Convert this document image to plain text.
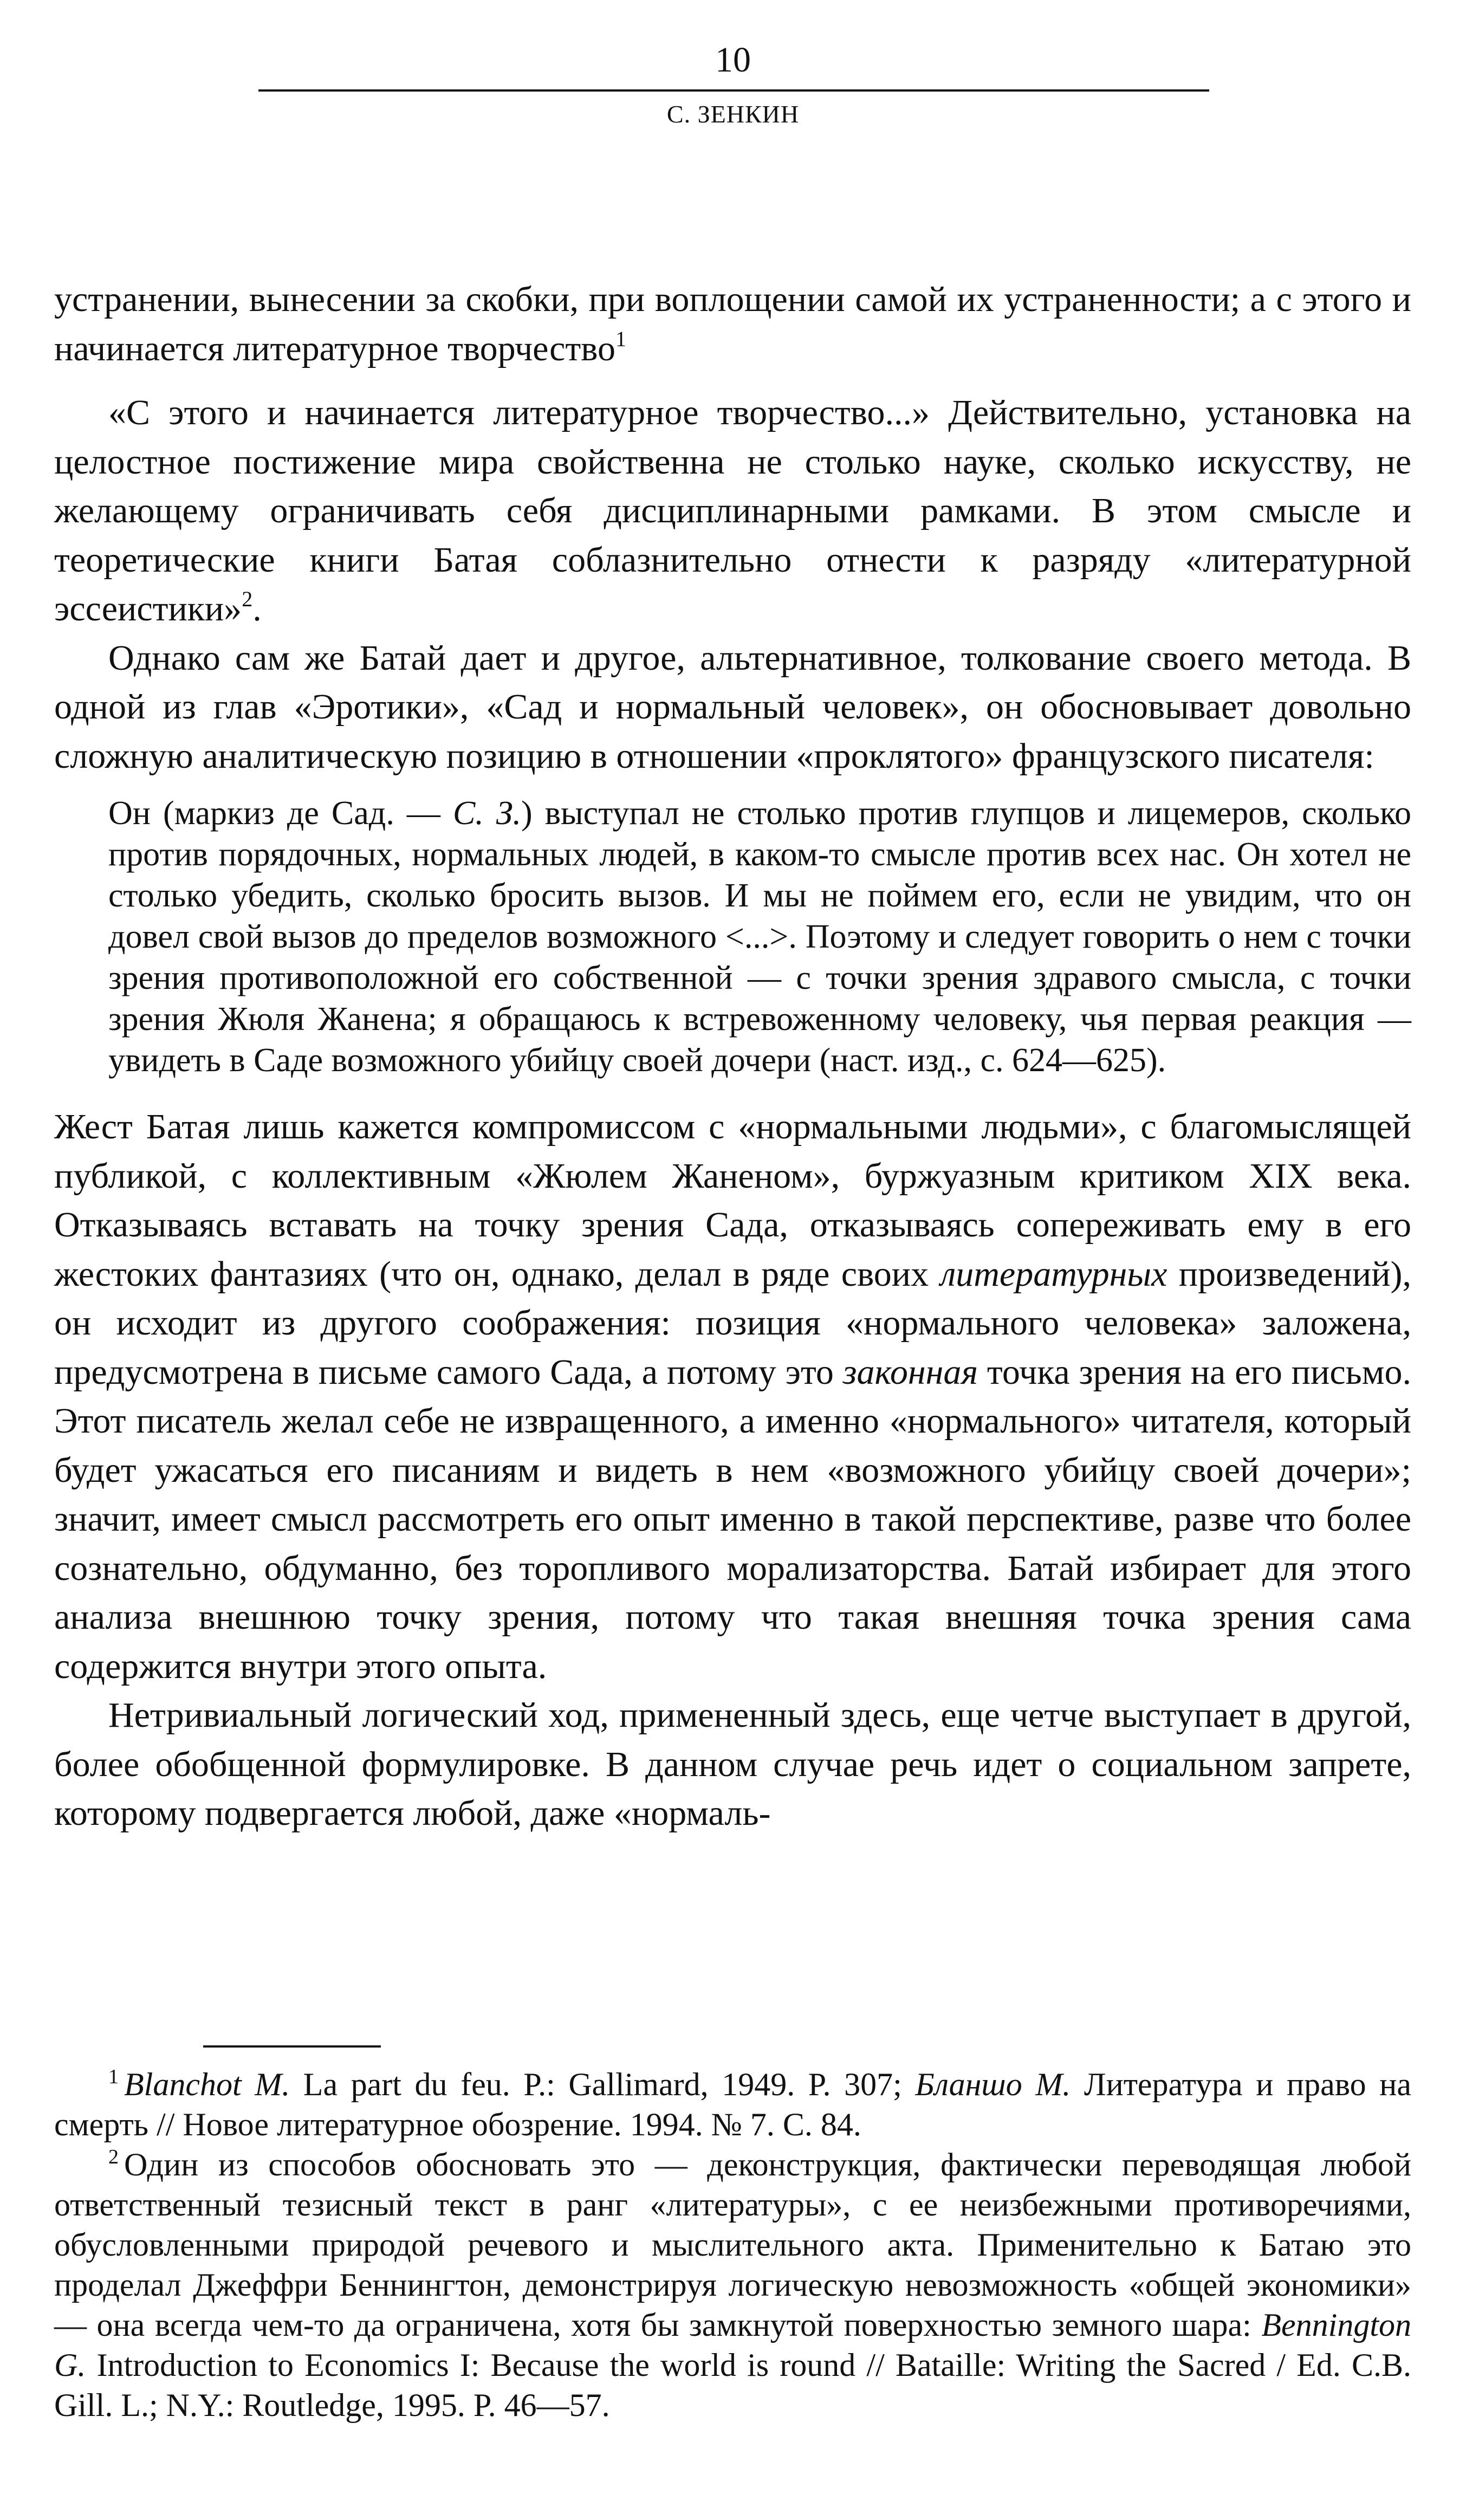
10
С. ЗЕНКИН

устранении, вынесении за скобки, при воплощении самой их устраненности; а с этого и начинается литературное творчество$^1$

«С этого и начинается литературное творчество...» Действительно, установка на целостное постижение мира свойственна не столько науке, сколько искусству, не желающему ограничивать себя дисциплинарными рамками. В этом смысле и теоретические книги Батая соблазнительно отнести к разряду «литературной эссеистики»$^2$.

Однако сам же Батай дает и другое, альтернативное, толкование своего метода. В одной из глав «Эротики», «Сад и нормальный человек», он обосновывает довольно сложную аналитическую позицию в отношении «проклятого» французского писателя:

Он (маркиз де Сад. — С. З.) выступал не столько против глупцов и лицемеров, сколько против порядочных, нормальных людей, в каком-то смысле против всех нас. Он хотел не столько убедить, сколько бросить вызов. И мы не поймем его, если не увидим, что он довел свой вызов до пределов возможного <...>. Поэтому и следует говорить о нем с точки зрения противоположной его собственной — с точки зрения здравого смысла, с точки зрения Жюля Жанена; я обращаюсь к встревоженному человеку, чья первая реакция — увидеть в Саде возможного убийцу своей дочери (наст. изд., с. 624—625).

Жест Батая лишь кажется компромиссом с «нормальными людьми», с благомыслящей публикой, с коллективным «Жюлем Жаненом», буржуазным критиком XIX века. Отказываясь вставать на точку зрения Сада, отказываясь сопереживать ему в его жестоких фантазиях (что он, однако, делал в ряде своих литературных произведений), он исходит из другого соображения: позиция «нормального человека» заложена, предусмотрена в письме самого Сада, а потому это законная точка зрения на его письмо. Этот писатель желал себе не извращенного, а именно «нормального» читателя, который будет ужасаться его писаниям и видеть в нем «возможного убийцу своей дочери»; значит, имеет смысл рассмотреть его опыт именно в такой перспективе, разве что более сознательно, обдуманно, без торопливого морализаторства. Батай избирает для этого анализа внешнюю точку зрения, потому что такая внешняя точка зрения сама содержится внутри этого опыта.

Нетривиальный логический ход, примененный здесь, еще четче выступает в другой, более обобщенной формулировке. В данном случае речь идет о социальном запрете, которому подвергается любой, даже «нормаль-

$^1$ Blanchot M. La part du feu. P.: Gallimard, 1949. P. 307; Бланшо М. Литература и право на смерть // Новое литературное обозрение. 1994. № 7. С. 84.

$^2$ Один из способов обосновать это — деконструкция, фактически переводящая любой ответственный тезисный текст в ранг «литературы», с ее неизбежными противоречиями, обусловленными природой речевого и мыслительного акта. Применительно к Батаю это проделал Джеффри Беннингтон, демонстрируя логическую невозможность «общей экономики» — она всегда чем-то да ограничена, хотя бы замкнутой поверхностью земного шара: Bennington G. Introduction to Economics I: Because the world is round // Bataille: Writing the Sacred / Ed. C.B. Gill. L.; N.Y.: Routledge, 1995. P. 46—57.
